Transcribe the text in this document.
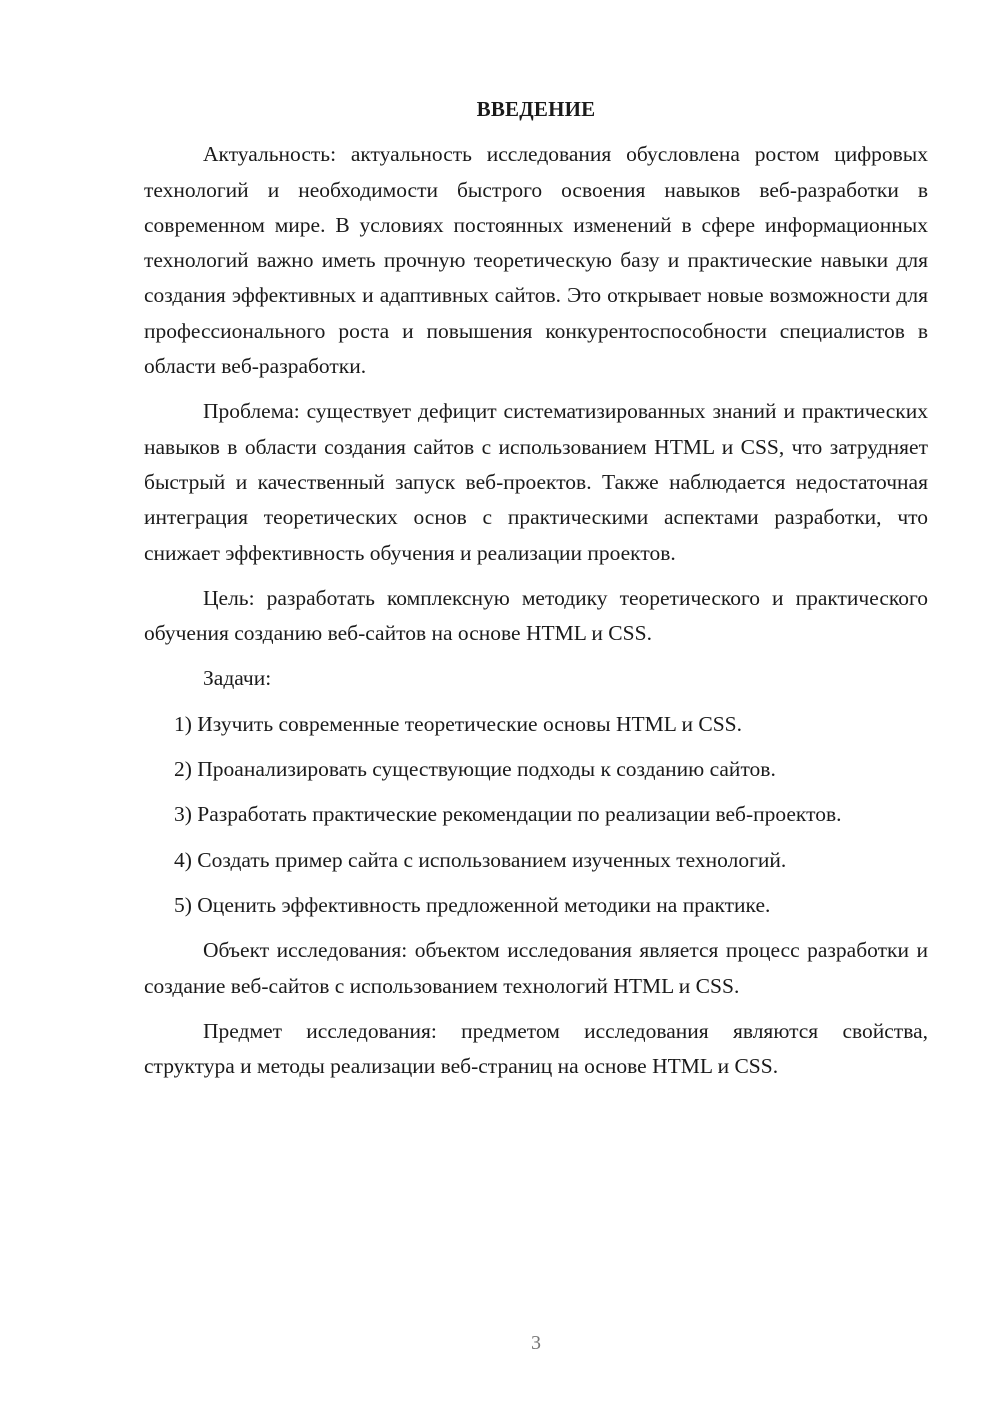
ВВЕДЕНИЕ

Актуальность: актуальность исследования обусловлена ростом цифровых технологий и необходимости быстрого освоения навыков веб-разработки в современном мире. В условиях постоянных изменений в сфере информационных технологий важно иметь прочную теоретическую базу и практические навыки для создания эффективных и адаптивных сайтов. Это открывает новые возможности для профессионального роста и повышения конкурентоспособности специалистов в области веб-разработки.

Проблема: существует дефицит систематизированных знаний и практических навыков в области создания сайтов с использованием HTML и CSS, что затрудняет быстрый и качественный запуск веб-проектов. Также наблюдается недостаточная интеграция теоретических основ с практическими аспектами разработки, что снижает эффективность обучения и реализации проектов.

Цель: разработать комплексную методику теоретического и практического обучения созданию веб-сайтов на основе HTML и CSS.

Задачи:

1) Изучить современные теоретические основы HTML и CSS.

2) Проанализировать существующие подходы к созданию сайтов.

3) Разработать практические рекомендации по реализации веб-проектов.

4) Создать пример сайта с использованием изученных технологий.

5) Оценить эффективность предложенной методики на практике.

Объект исследования: объектом исследования является процесс разработки и создание веб-сайтов с использованием технологий HTML и CSS.

Предмет исследования: предметом исследования являются свойства, структура и методы реализации веб-страниц на основе HTML и CSS.

3
